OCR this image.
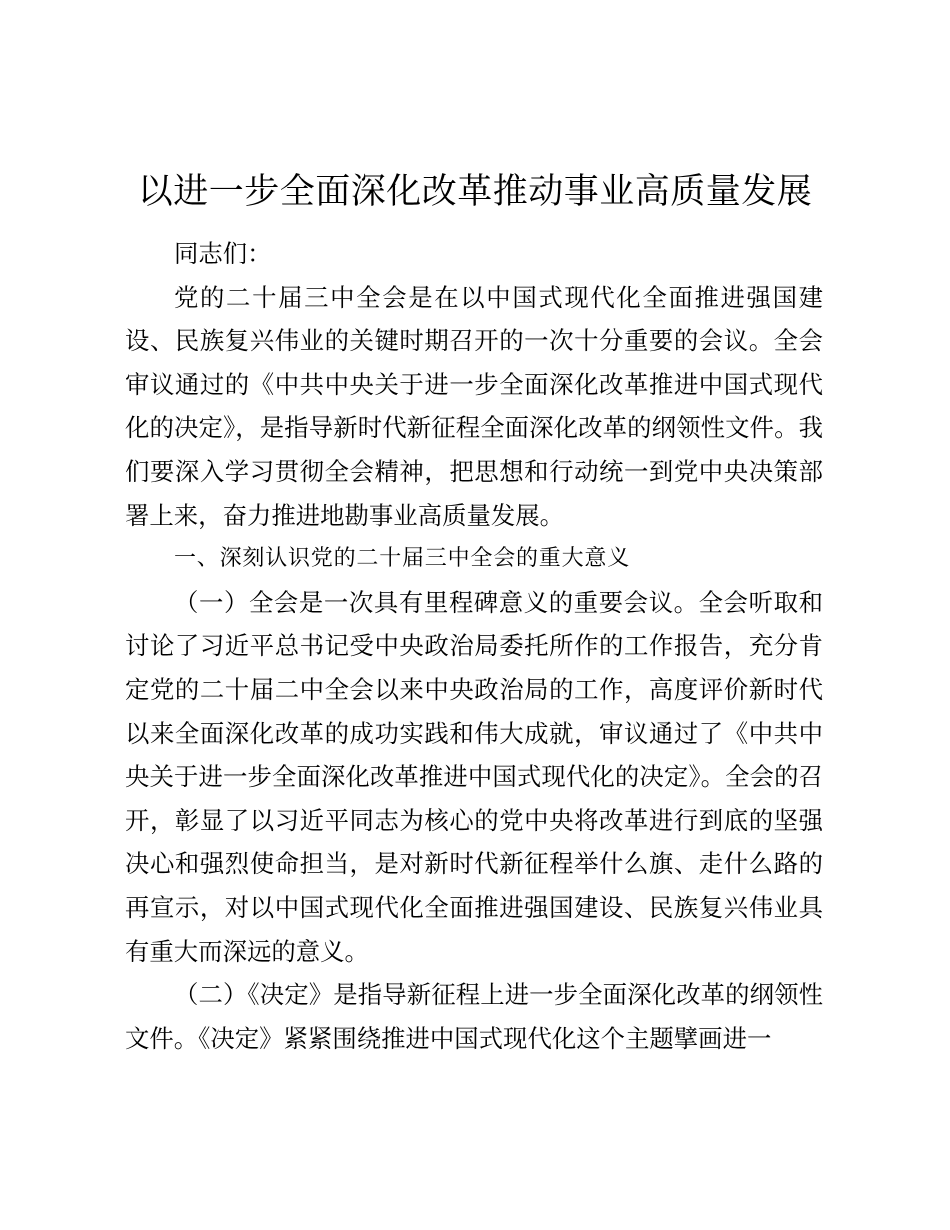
以进一步全面深化改革推动事业高质量发展

同志们：

党的二十届三中全会是在以中国式现代化全面推进强国建设、民族复兴伟业的关键时期召开的一次十分重要的会议。全会审议通过的《中共中央关于进一步全面深化改革推进中国式现代化的决定》，是指导新时代新征程全面深化改革的纲领性文件。我们要深入学习贯彻全会精神，把思想和行动统一到党中央决策部署上来，奋力推进地勘事业高质量发展。

一、深刻认识党的二十届三中全会的重大意义

（一）全会是一次具有里程碑意义的重要会议。全会听取和讨论了习近平总书记受中央政治局委托所作的工作报告，充分肯定党的二十届二中全会以来中央政治局的工作，高度评价新时代以来全面深化改革的成功实践和伟大成就，审议通过了《中共中央关于进一步全面深化改革推进中国式现代化的决定》。全会的召开，彰显了以习近平同志为核心的党中央将改革进行到底的坚强决心和强烈使命担当，是对新时代新征程举什么旗、走什么路的再宣示，对以中国式现代化全面推进强国建设、民族复兴伟业具有重大而深远的意义。

（二）《决定》是指导新征程上进一步全面深化改革的纲领性文件。《决定》紧紧围绕推进中国式现代化这个主题擘画进一
